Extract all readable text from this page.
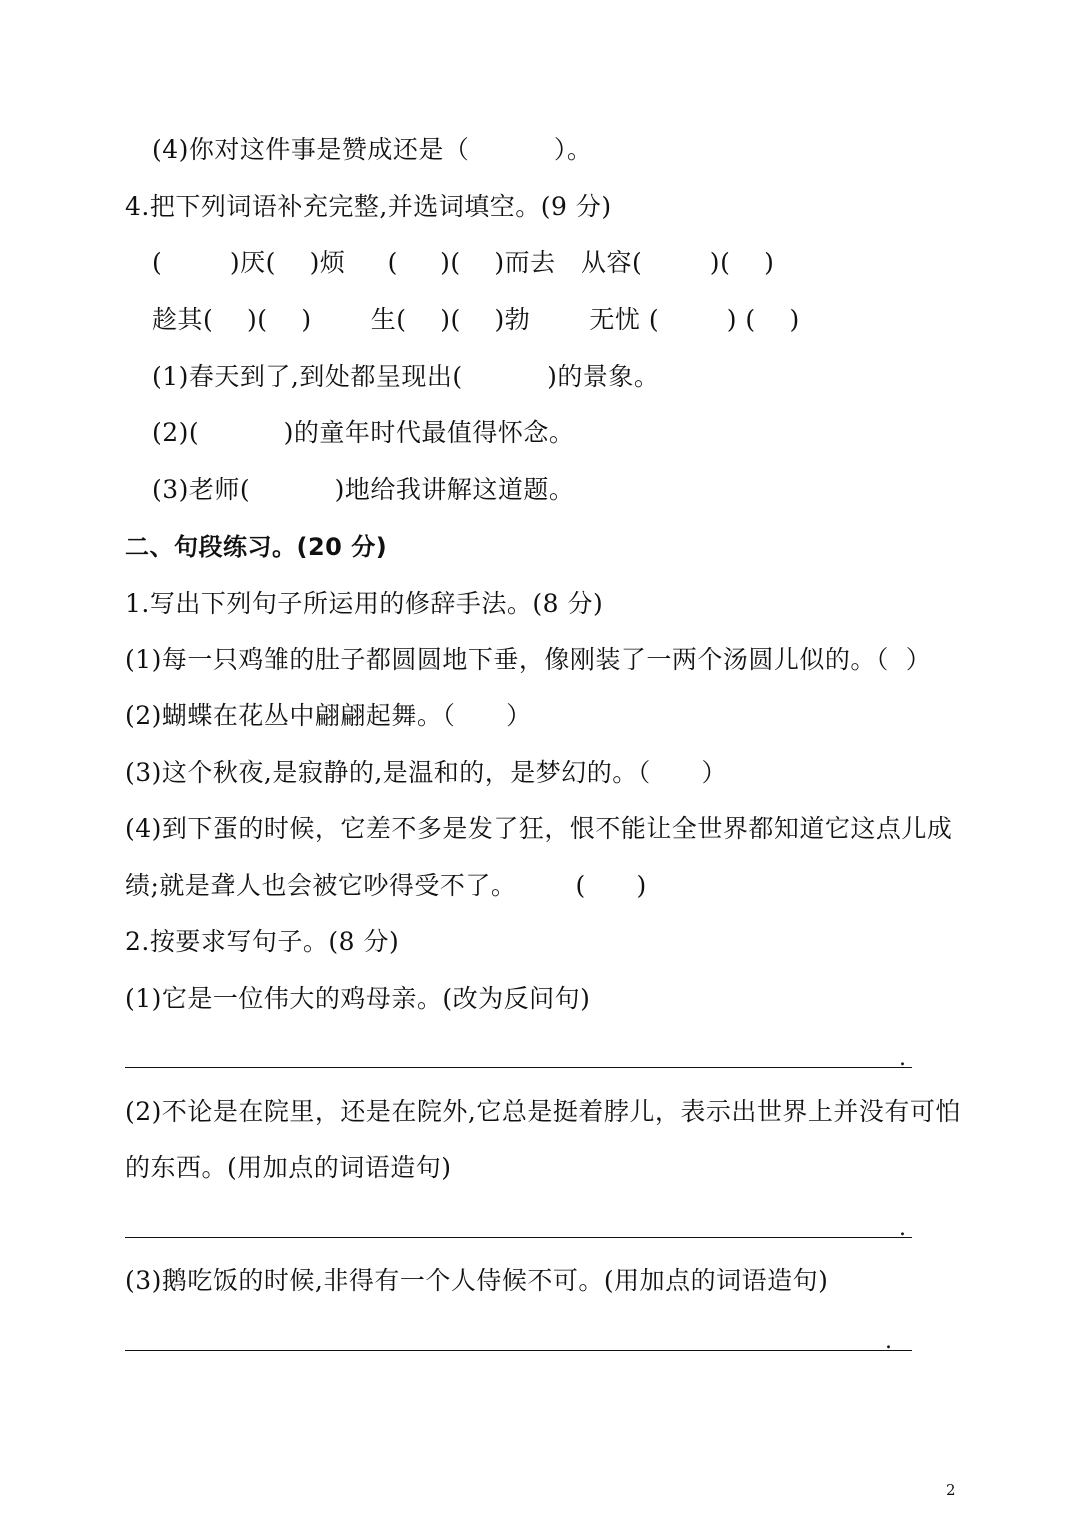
(4)你对这件事是赞成还是（          ）。
4.把下列词语补充完整,并选词填空。(9 分)
(        )厌(    )烦     (     )(    )而去   从容(        )(    )
趁其(    )(    )       生(    )(    )勃       无忧 (        ) (    )
(1)春天到了,到处都呈现出(          )的景象。
(2)(          )的童年时代最值得怀念。
(3)老师(          )地给我讲解这道题。
二、句段练习。(20 分)
1.写出下列句子所运用的修辞手法。(8 分)
(1)每一只鸡雏的肚子都圆圆地下垂，像刚装了一两个汤圆儿似的。（  ）
(2)蝴蝶在花丛中翩翩起舞。（      ）
(3)这个秋夜,是寂静的,是温和的，是梦幻的。（      ）
(4)到下蛋的时候，它差不多是发了狂，恨不能让全世界都知道它这点儿成
绩;就是聋人也会被它吵得受不了。       (      )
2.按要求写句子。(8 分)
(1)它是一位伟大的鸡母亲。(改为反问句)
.
(2)不论是在院里，还是在院外,它总是挺着脖儿，表示出世界上并没有可怕
的东西。(用加点的词语造句)
.
(3)鹅吃饭的时候,非得有一个人侍候不可。(用加点的词语造句)
.
2
